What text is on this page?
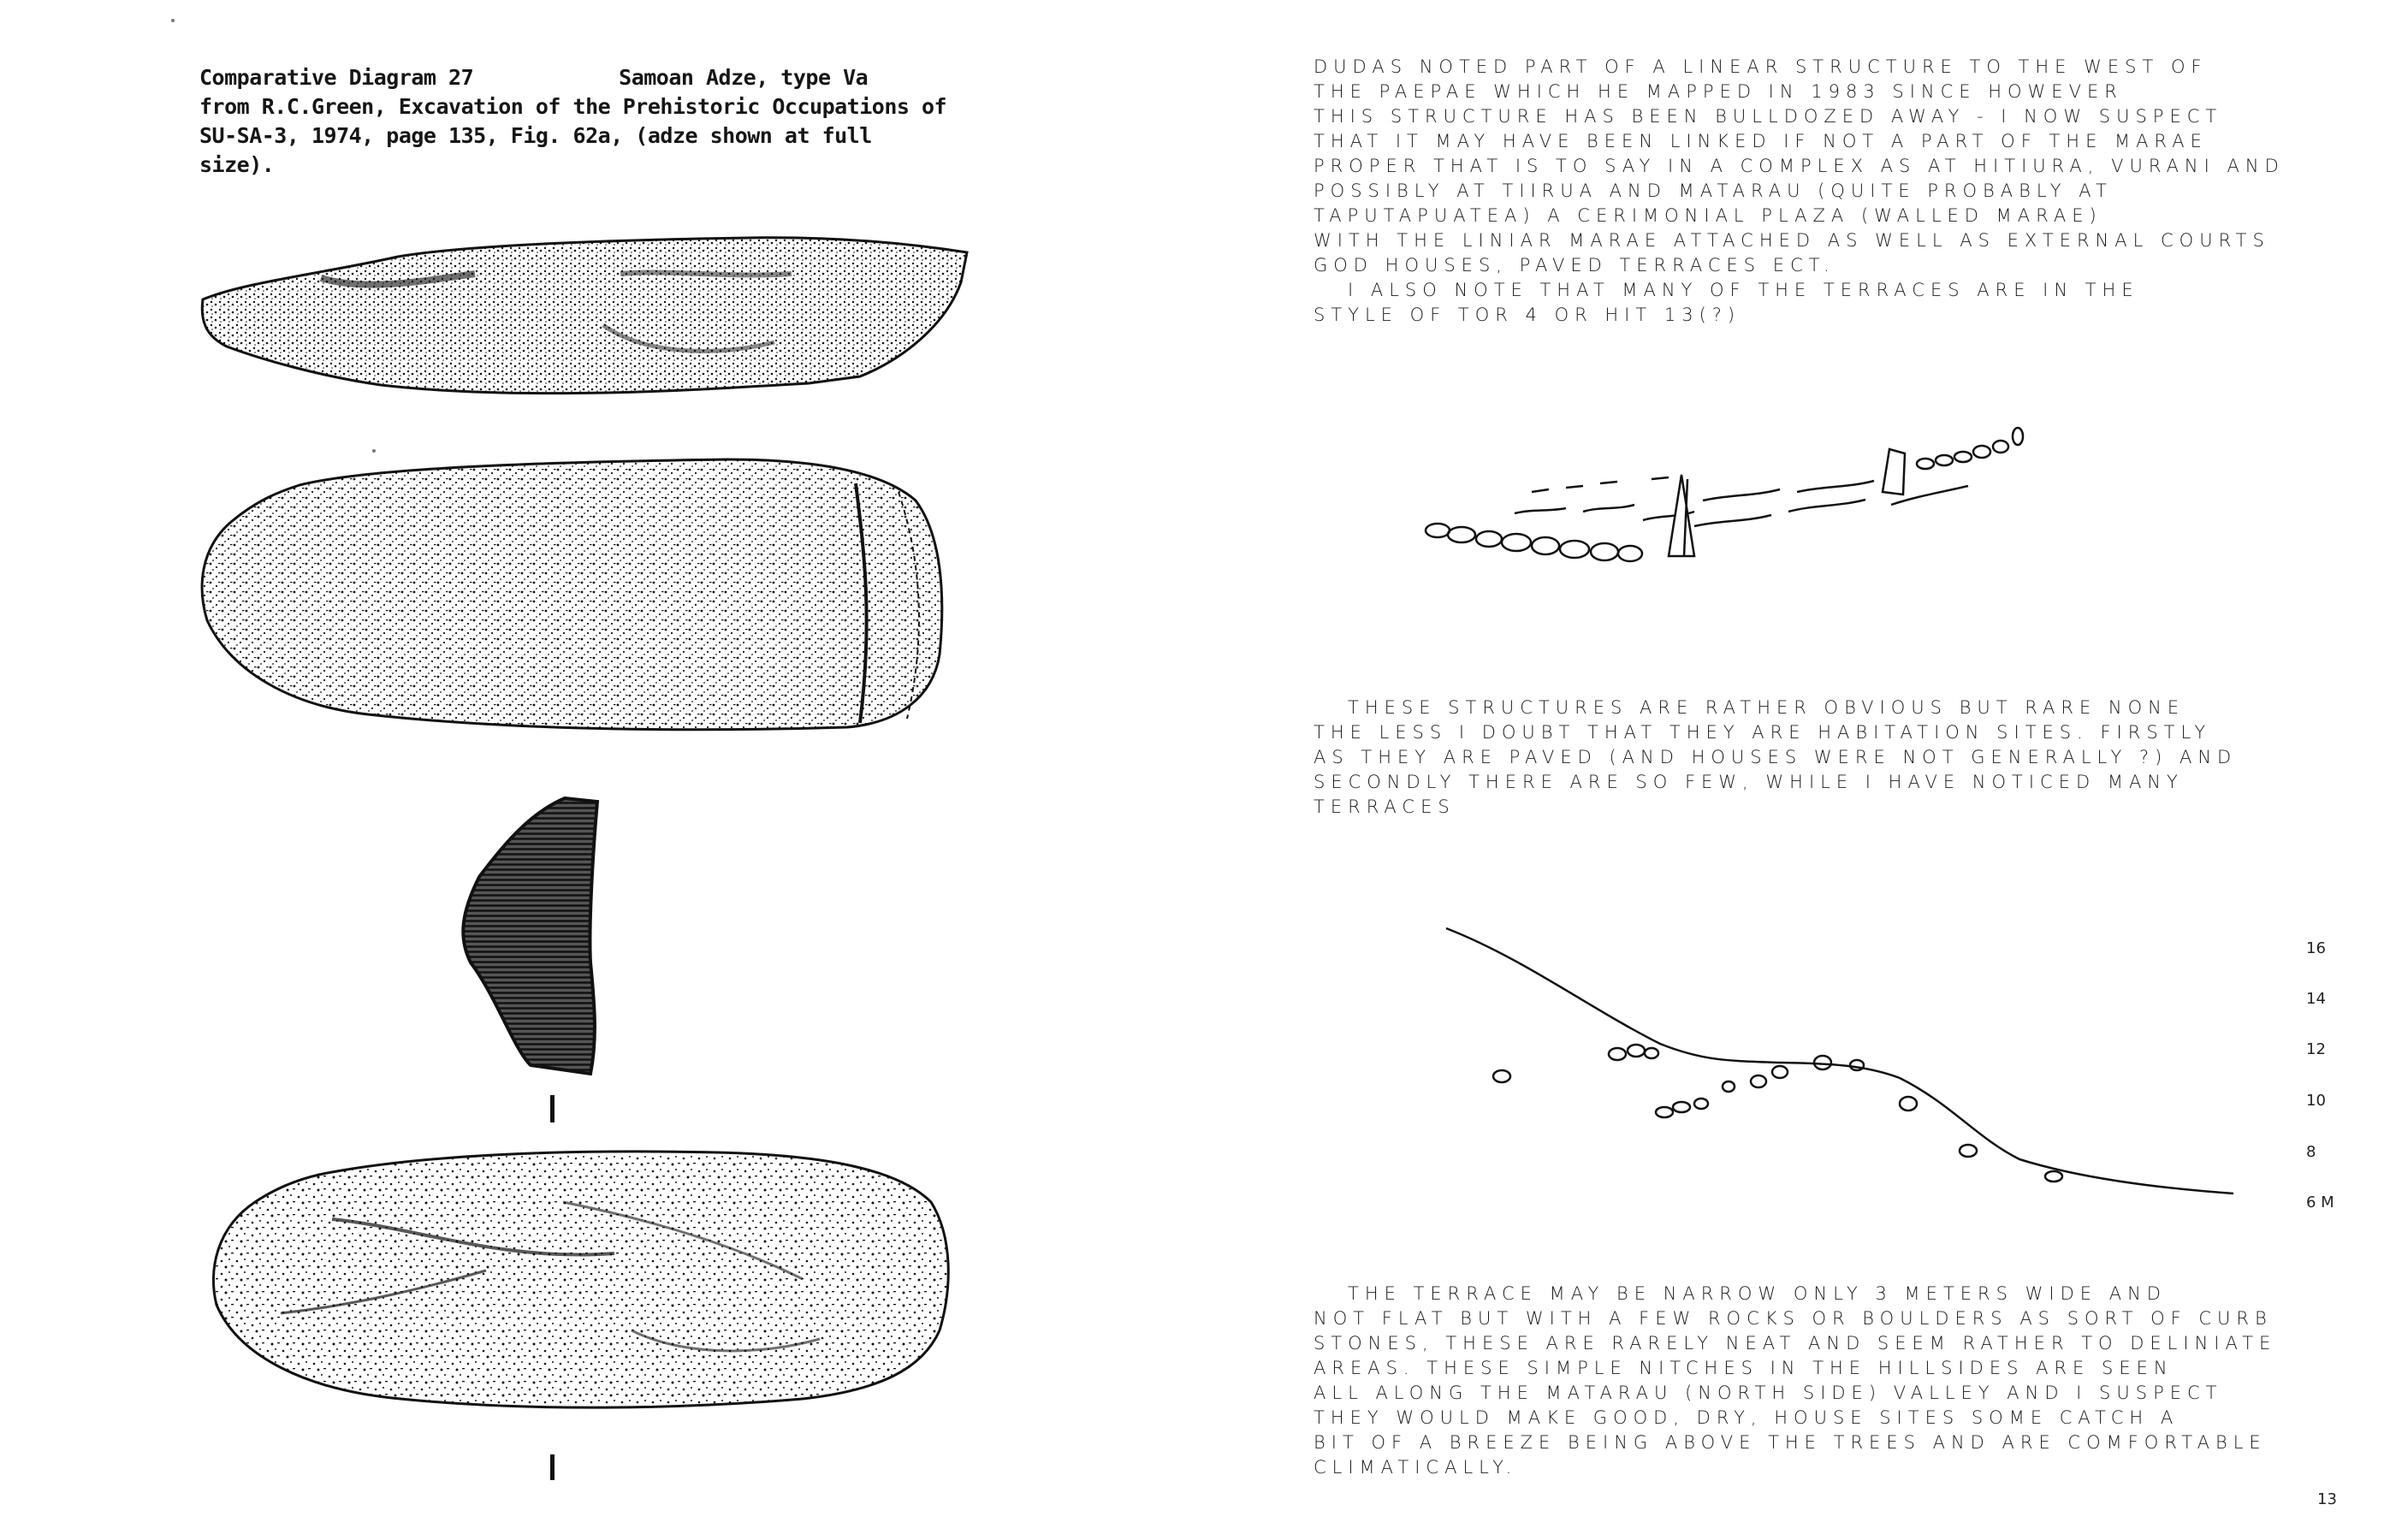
Comparative Diagram 27	Samoan Adze, type Va
from R.C.Green, Excavation of the Prehistoric Occupations of
SU-SA-3, 1974, page 135, Fig. 62a, (adze shown at full size).
DUDAS NOTED PART OF A LINEAR STRUCTURE TO THE WEST OF
THE PAEPAE WHICH HE MAPPED IN 1983 SINCE HOWEVER
THIS STRUCTURE HAS BEEN BULLDOZED AWAY - I NOW SUSPECT
THAT IT MAY HAVE BEEN LINKED IF NOT A PART OF THE MARAE
PROPER THAT IS TO SAY IN A COMPLEX AS AT HITIURA, VURANI AND
POSSIBLY AT TIIRUA AND MATARAU (QUITE PROBABLY AT
TAPUTAPUATEA) A CERIMONIAL PLAZA (WALLED MARAE)
WITH THE LINIAR MARAE ATTACHED AS WELL AS EXTERNAL COURTS
GOD HOUSES, PAVED TERRACES ECT.
I ALSO NOTE THAT MANY OF THE TERRACES ARE IN THE
STYLE OF TOR 4 OR HIT 13(?)
THESE STRUCTURES ARE RATHER OBVIOUS BUT RARE NONE
THE LESS I DOUBT THAT THEY ARE HABITATION SITES. FIRSTLY
AS THEY ARE PAVED (AND HOUSES WERE NOT GENERALLY ?) AND
SECONDLY THERE ARE SO FEW, WHILE I HAVE NOTICED MANY
TERRACES
16
14
12
10
8
6 M
THE TERRACE MAY BE NARROW ONLY 3 METERS WIDE AND
NOT FLAT BUT WITH A FEW ROCKS OR BOULDERS AS SORT OF CURB
STONES, THESE ARE RARELY NEAT AND SEEM RATHER TO DELINIATE
AREAS. THESE SIMPLE NITCHES IN THE HILLSIDES ARE SEEN
ALL ALONG THE MATARAU (NORTH SIDE) VALLEY AND I SUSPECT
THEY WOULD MAKE GOOD, DRY, HOUSE SITES SOME CATCH A
BIT OF A BREEZE BEING ABOVE THE TREES AND ARE COMFORTABLE
CLIMATICALLY.
13
